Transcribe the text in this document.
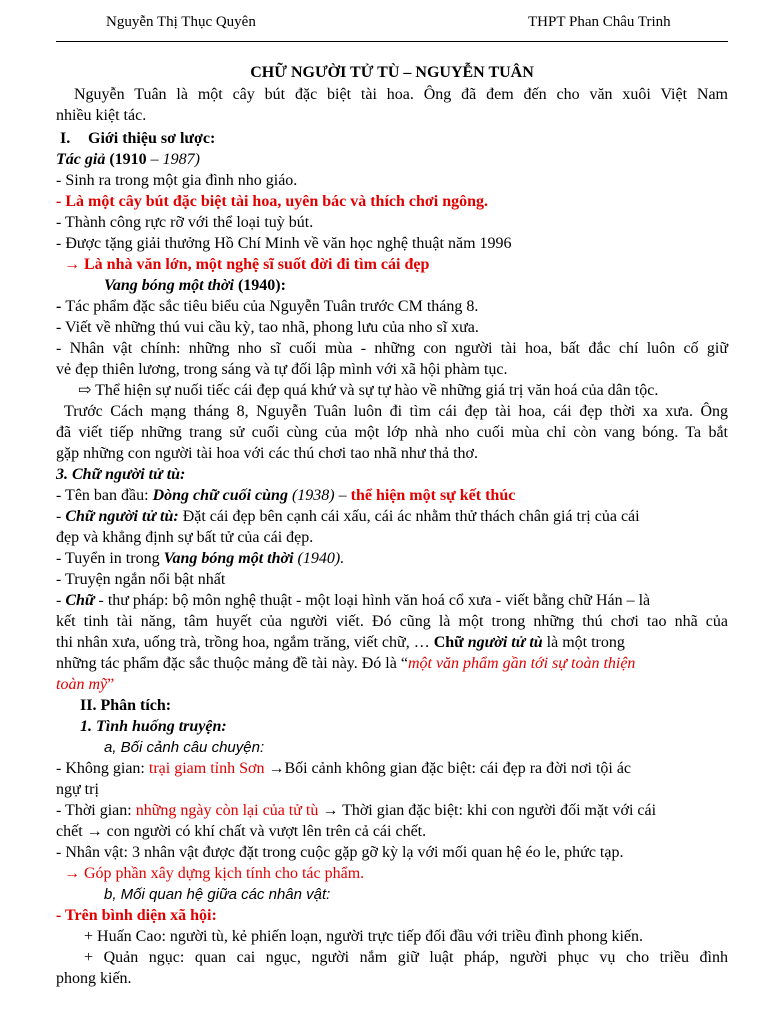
Nguyễn Thị Thục Quyên	THPT Phan Châu Trinh
CHỮ NGƯỜI TỬ TÙ – NGUYỄN TUÂN
Nguyễn Tuân là một cây bút đặc biệt tài hoa. Ông đã đem đến cho văn xuôi Việt Nam
nhiều kiệt tác.
I. Giới thiệu sơ lược:
Tác giả (1910 – 1987)
- Sinh ra trong một gia đình nho giáo.
- Là một cây bút đặc biệt tài hoa, uyên bác và thích chơi ngông.
- Thành công rực rỡ với thể loại tuỳ bút.
- Được tặng giải thưởng Hồ Chí Minh về văn học nghệ thuật năm 1996
→ Là nhà văn lớn, một nghệ sĩ suốt đời đi tìm cái đẹp
Vang bóng một thời (1940):
- Tác phẩm đặc sắc tiêu biểu của Nguyễn Tuân trước CM tháng 8.
- Viết về những thú vui cầu kỳ, tao nhã, phong lưu của nho sĩ xưa.
- Nhân vật chính: những nho sĩ cuối mùa - những con người tài hoa, bất đắc chí luôn cố giữ
vẻ đẹp thiên lương, trong sáng và tự đối lập mình với xã hội phàm tục.
⇨ Thể hiện sự nuối tiếc cái đẹp quá khứ và sự tự hào về những giá trị văn hoá của dân tộc.
Trước Cách mạng tháng 8, Nguyễn Tuân luôn đi tìm cái đẹp tài hoa, cái đẹp thời xa xưa. Ông
đã viết tiếp những trang sử cuối cùng của một lớp nhà nho cuối mùa chỉ còn vang bóng. Ta bắt
gặp những con người tài hoa với các thú chơi tao nhã như thả thơ.
3. Chữ người tử tù:
- Tên ban đầu: Dòng chữ cuối cùng (1938) – thể hiện một sự kết thúc
- Chữ người tử tù: Đặt cái đẹp bên cạnh cái xấu, cái ác nhằm thử thách chân giá trị của cái
đẹp và khẳng định sự bất tử của cái đẹp.
- Tuyển in trong Vang bóng một thời (1940).
- Truyện ngắn nổi bật nhất
- Chữ - thư pháp: bộ môn nghệ thuật - một loại hình văn hoá cổ xưa - viết bằng chữ Hán – là
kết tinh tài năng, tâm huyết của người viết. Đó cũng là một trong những thú chơi tao nhã của
thi nhân xưa, uống trà, trồng hoa, ngắm trăng, viết chữ, … Chữ người tử tù là một trong
những tác phẩm đặc sắc thuộc mảng đề tài này. Đó là “một văn phẩm gần tới sự toàn thiện
toàn mỹ”
II. Phân tích:
1. Tình huống truyện:
a, Bối cảnh câu chuyện:
- Không gian: trại giam tỉnh Sơn →Bối cảnh không gian đặc biệt: cái đẹp ra đời nơi tội ác
ngự trị
- Thời gian: những ngày còn lại của tử tù → Thời gian đặc biệt: khi con người đối mặt với cái
chết → con người có khí chất và vượt lên trên cả cái chết.
- Nhân vật: 3 nhân vật được đặt trong cuộc gặp gỡ kỳ lạ với mối quan hệ éo le, phức tạp.
→ Góp phần xây dựng kịch tính cho tác phẩm.
b, Mối quan hệ giữa các nhân vật:
- Trên bình diện xã hội:
+ Huấn Cao: người tù, kẻ phiến loạn, người trực tiếp đối đầu với triều đình phong kiến.
+ Quản ngục: quan cai ngục, người nắm giữ luật pháp, người phục vụ cho triều đình
phong kiến.
